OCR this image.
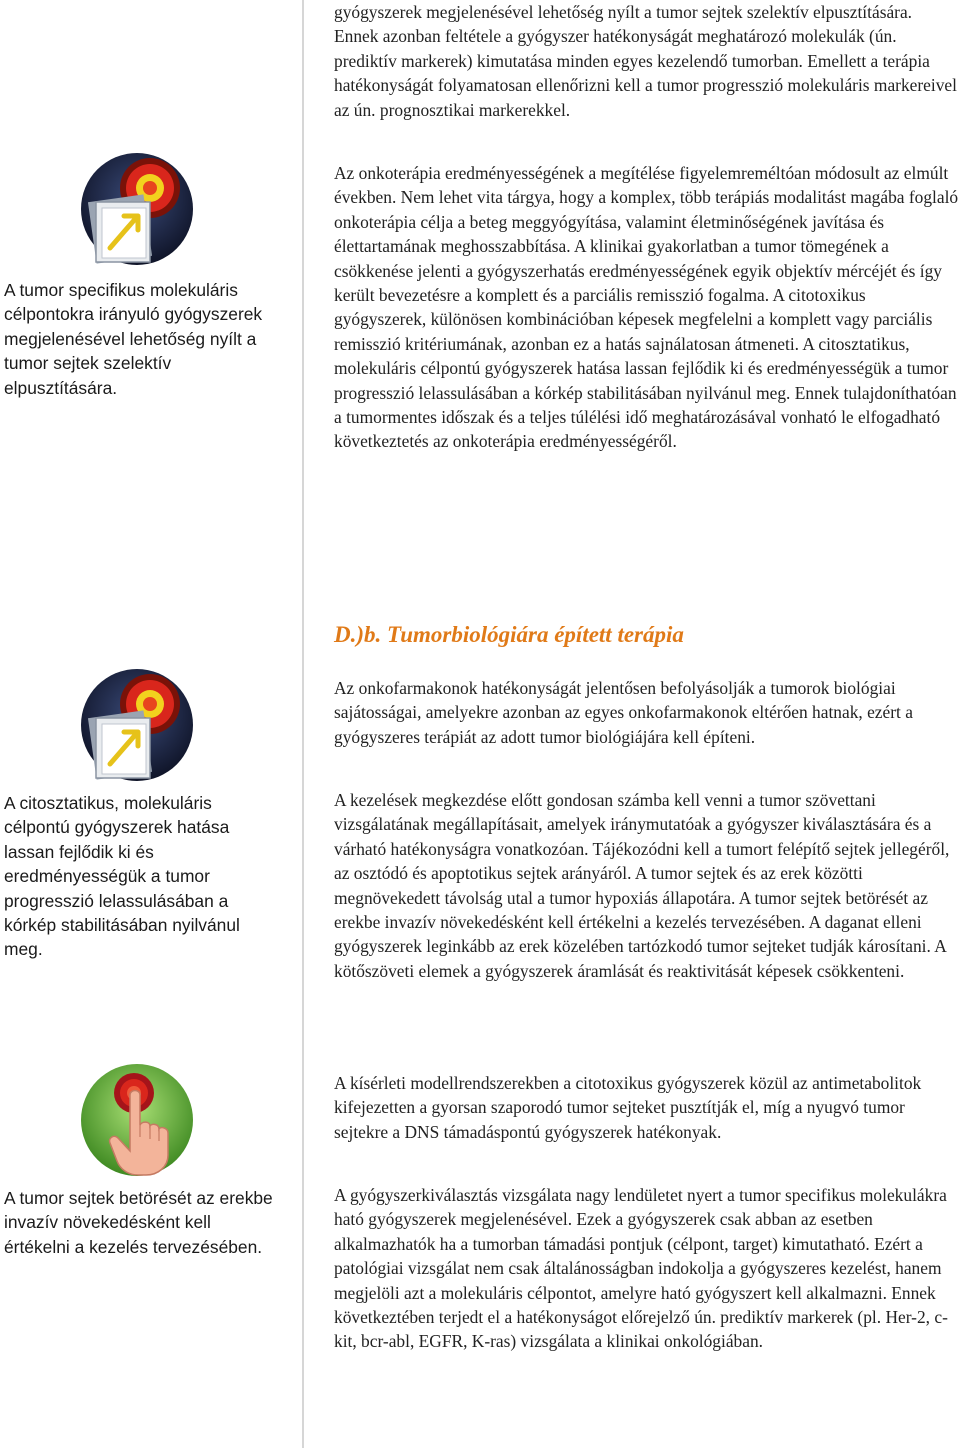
A tumor specifikus molekuláris célpontokra irányuló gyógyszerek megjelenésével lehetőség nyílt a tumor sejtek szelektív elpusztítására.

A citosztatikus, molekuláris célpontú gyógyszerek hatása lassan fejlődik ki és eredményességük a tumor progresszió lelassulásában a kórkép stabilitásában nyilvánul meg.

A tumor sejtek betörését az erekbe invazív növekedésként kell értékelni a kezelés tervezésében.

gyógyszerek megjelenésével lehetőség nyílt a tumor sejtek szelektív elpusztítására. Ennek azonban feltétele a gyógyszer hatékonyságát meghatározó molekulák (ún. prediktív markerek) kimutatása minden egyes kezelendő tumorban. Emellett a terápia hatékonyságát folyamatosan ellenőrizni kell a tumor progresszió molekuláris markereivel az ún. prognosztikai markerekkel.

Az onkoterápia eredményességének a megítélése figyelemreméltóan módosult az elmúlt években. Nem lehet vita tárgya, hogy a komplex, több terápiás modalitást magába foglaló onkoterápia célja a beteg meggyógyítása, valamint életminőségének javítása és élettartamának meghosszabbítása. A klinikai gyakorlatban a tumor tömegének a csökkenése jelenti a gyógyszerhatás eredményességének egyik objektív mércéjét és így került bevezetésre a komplett és a parciális remisszió fogalma. A citotoxikus gyógyszerek, különösen kombinációban képesek megfelelni a komplett vagy parciális remisszió kritériumának, azonban ez a hatás sajnálatosan átmeneti. A citosztatikus, molekuláris célpontú gyógyszerek hatása lassan fejlődik ki és eredményességük a tumor progresszió lelassulásában a kórkép stabilitásában nyilvánul meg. Ennek tulajdoníthatóan a tumormentes időszak és a teljes túlélési idő meghatározásával vonható le elfogadható következtetés az onkoterápia eredményességéről.

D.)b. Tumorbiológiára épített terápia

Az onkofarmakonok hatékonyságát jelentősen befolyásolják a tumorok biológiai sajátosságai, amelyekre azonban az egyes onkofarmakonok eltérően hatnak, ezért a gyógyszeres terápiát az adott tumor biológiájára kell építeni.

A kezelések megkezdése előtt gondosan számba kell venni a tumor szövettani vizsgálatának megállapításait, amelyek iránymutatóak a gyógyszer kiválasztására és a várható hatékonyságra vonatkozóan. Tájékozódni kell a tumort felépítő sejtek jellegéről, az osztódó és apoptotikus sejtek arányáról. A tumor sejtek és az erek közötti megnövekedett távolság utal a tumor hypoxiás állapotára. A tumor sejtek betörését az erekbe invazív növekedésként kell értékelni a kezelés tervezésében. A daganat elleni gyógyszerek leginkább az erek közelében tartózkodó tumor sejteket tudják károsítani. A kötőszöveti elemek a gyógyszerek áramlását és reaktivitását képesek csökkenteni.

A kísérleti modellrendszerekben a citotoxikus gyógyszerek közül az antimetabolitok kifejezetten a gyorsan szaporodó tumor sejteket pusztítják el, míg a nyugvó tumor sejtekre a DNS támadáspontú gyógyszerek hatékonyak.

A gyógyszerkiválasztás vizsgálata nagy lendületet nyert a tumor specifikus molekulákra ható gyógyszerek megjelenésével. Ezek a gyógyszerek csak abban az esetben alkalmazhatók ha a tumorban támadási pontjuk (célpont, target) kimutatható. Ezért a patológiai vizsgálat nem csak általánosságban indokolja a gyógyszeres kezelést, hanem megjelöli azt a molekuláris célpontot, amelyre ható gyógyszert kell alkalmazni. Ennek következtében terjedt el a hatékonyságot előrejelző ún. prediktív markerek (pl. Her-2, c-kit, bcr-abl, EGFR, K-ras) vizsgálata a klinikai onkológiában.
